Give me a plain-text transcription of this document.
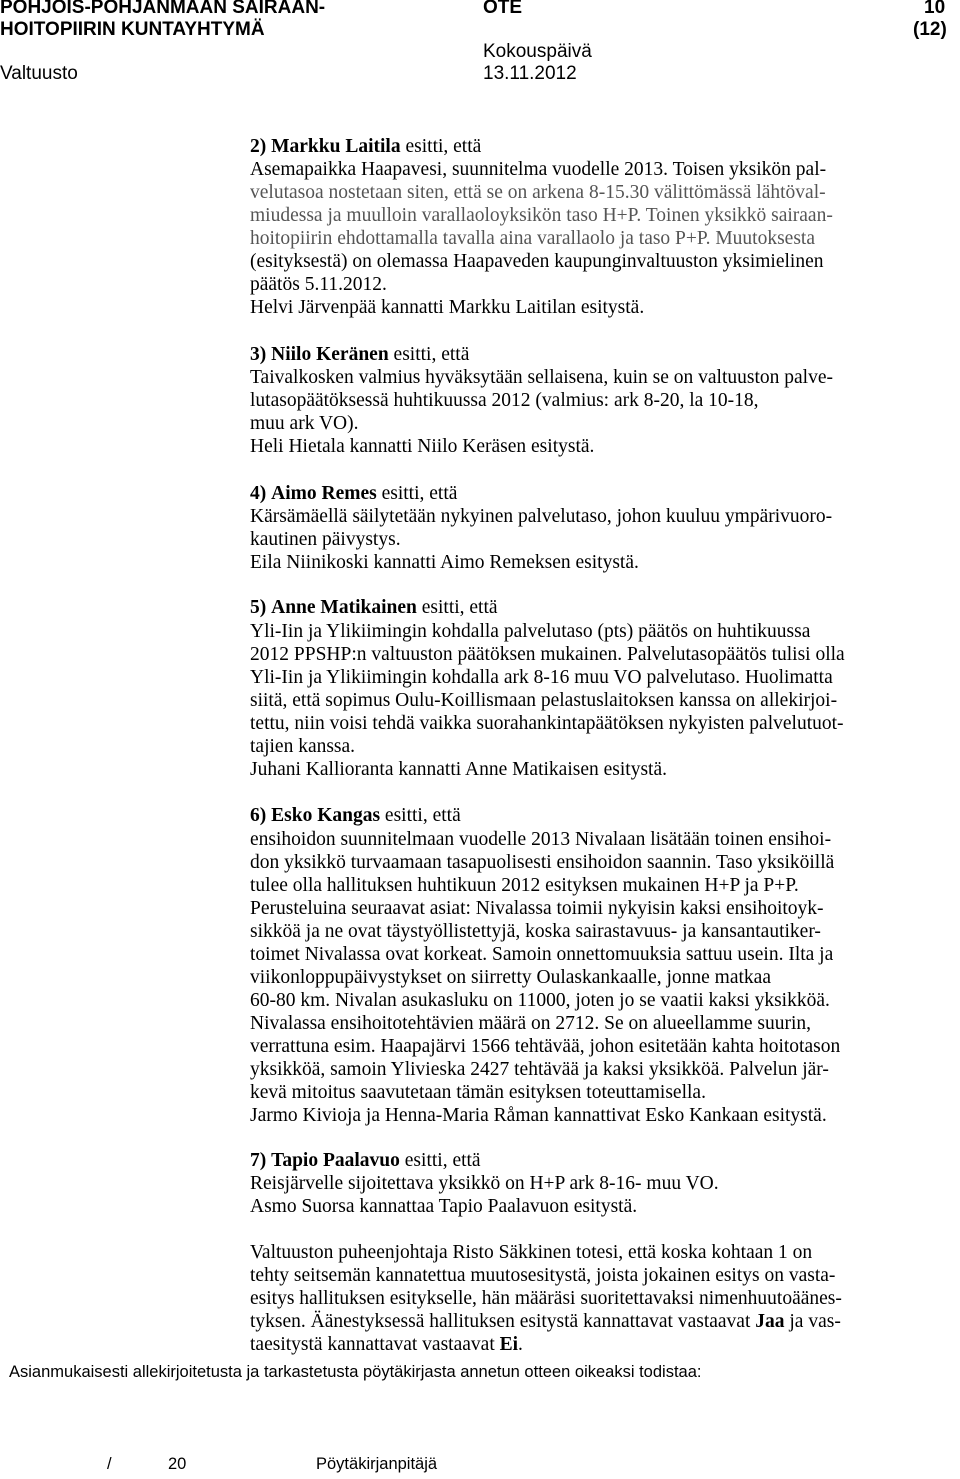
POHJOIS-POHJANMAAN SAIRAAN-
HOITOPIIRIN KUNTAYHTYMÄ
OTE	10
(12)
Kokouspäivä
Valtuusto	13.11.2012
2) Markku Laitila esitti, että
Asemapaikka Haapavesi, suunnitelma vuodelle 2013. Toisen yksikön pal-
velutasoa nostetaan siten, että se on arkena 8-15.30 välittömässä lähtöval-
miudessa ja muulloin varallaoloyksikön taso H+P. Toinen yksikkö sairaan-
hoitopiirin ehdottamalla tavalla aina varallaolo ja taso P+P. Muutoksesta
(esityksestä) on olemassa Haapaveden kaupunginvaltuuston yksimielinen
päätös 5.11.2012.
Helvi Järvenpää kannatti Markku Laitilan esitystä.
3) Niilo Keränen esitti, että
Taivalkosken valmius hyväksytään sellaisena, kuin se on valtuuston palve-
lutasopäätöksessä huhtikuussa 2012 (valmius: ark 8-20, la 10-18,
muu ark VO).
Heli Hietala kannatti Niilo Keräsen esitystä.
4) Aimo Remes esitti, että
Kärsämäellä säilytetään nykyinen palvelutaso, johon kuuluu ympärivuoro-
kautinen päivystys.
Eila Niinikoski kannatti Aimo Remeksen esitystä.
5) Anne Matikainen esitti, että
Yli-Iin ja Ylikiimingin kohdalla palvelutaso (pts) päätös on huhtikuussa
2012 PPSHP:n valtuuston päätöksen mukainen. Palvelutasopäätös tulisi olla
Yli-Iin ja Ylikiimingin kohdalla ark 8-16 muu VO palvelutaso. Huolimatta
siitä, että sopimus Oulu-Koillismaan pelastuslaitoksen kanssa on allekirjoi-
tettu, niin voisi tehdä vaikka suorahankintapäätöksen nykyisten palvelutuot-
tajien kanssa.
Juhani Kallioranta kannatti Anne Matikaisen esitystä.
6) Esko Kangas esitti, että
ensihoidon suunnitelmaan vuodelle 2013 Nivalaan lisätään toinen ensihoi-
don yksikkö turvaamaan tasapuolisesti ensihoidon saannin. Taso yksiköillä
tulee olla hallituksen huhtikuun 2012 esityksen mukainen H+P ja P+P.
Perusteluina seuraavat asiat: Nivalassa toimii nykyisin kaksi ensihoitoyk-
sikköä ja ne ovat täystyöllistettyjä, koska sairastavuus- ja kansantautiker-
toimet Nivalassa ovat korkeat. Samoin onnettomuuksia sattuu usein. Ilta ja
viikonloppupäivystykset on siirretty Oulaskankaalle, jonne matkaa
60-80 km. Nivalan asukasluku on 11000, joten jo se vaatii kaksi yksikköä.
Nivalassa ensihoitotehtävien määrä on 2712. Se on alueellamme suurin,
verrattuna esim. Haapajärvi 1566 tehtävää, johon esitetään kahta hoitotason
yksikköä, samoin Ylivieska 2427 tehtävää ja kaksi yksikköä. Palvelun jär-
kevä mitoitus saavutetaan tämän esityksen toteuttamisella.
Jarmo Kivioja ja Henna-Maria Råman kannattivat Esko Kankaan esitystä.
7) Tapio Paalavuo esitti, että
Reisjärvelle sijoitettava yksikkö on H+P ark 8-16- muu VO.
Asmo Suorsa kannattaa Tapio Paalavuon esitystä.
Valtuuston puheenjohtaja Risto Säkkinen totesi, että koska kohtaan 1 on
tehty seitsemän kannatettua muutosesitystä, joista jokainen esitys on vasta-
esitys hallituksen esitykselle, hän määräsi suoritettavaksi nimenhuutoäänes-
tyksen. Äänestyksessä hallituksen esitystä kannattavat vastaavat Jaa ja vas-
taesitystä kannattavat vastaavat Ei.
Asianmukaisesti allekirjoitetusta ja tarkastetusta pöytäkirjasta annetun otteen oikeaksi todistaa:
/	20	Pöytäkirjanpitäjä
